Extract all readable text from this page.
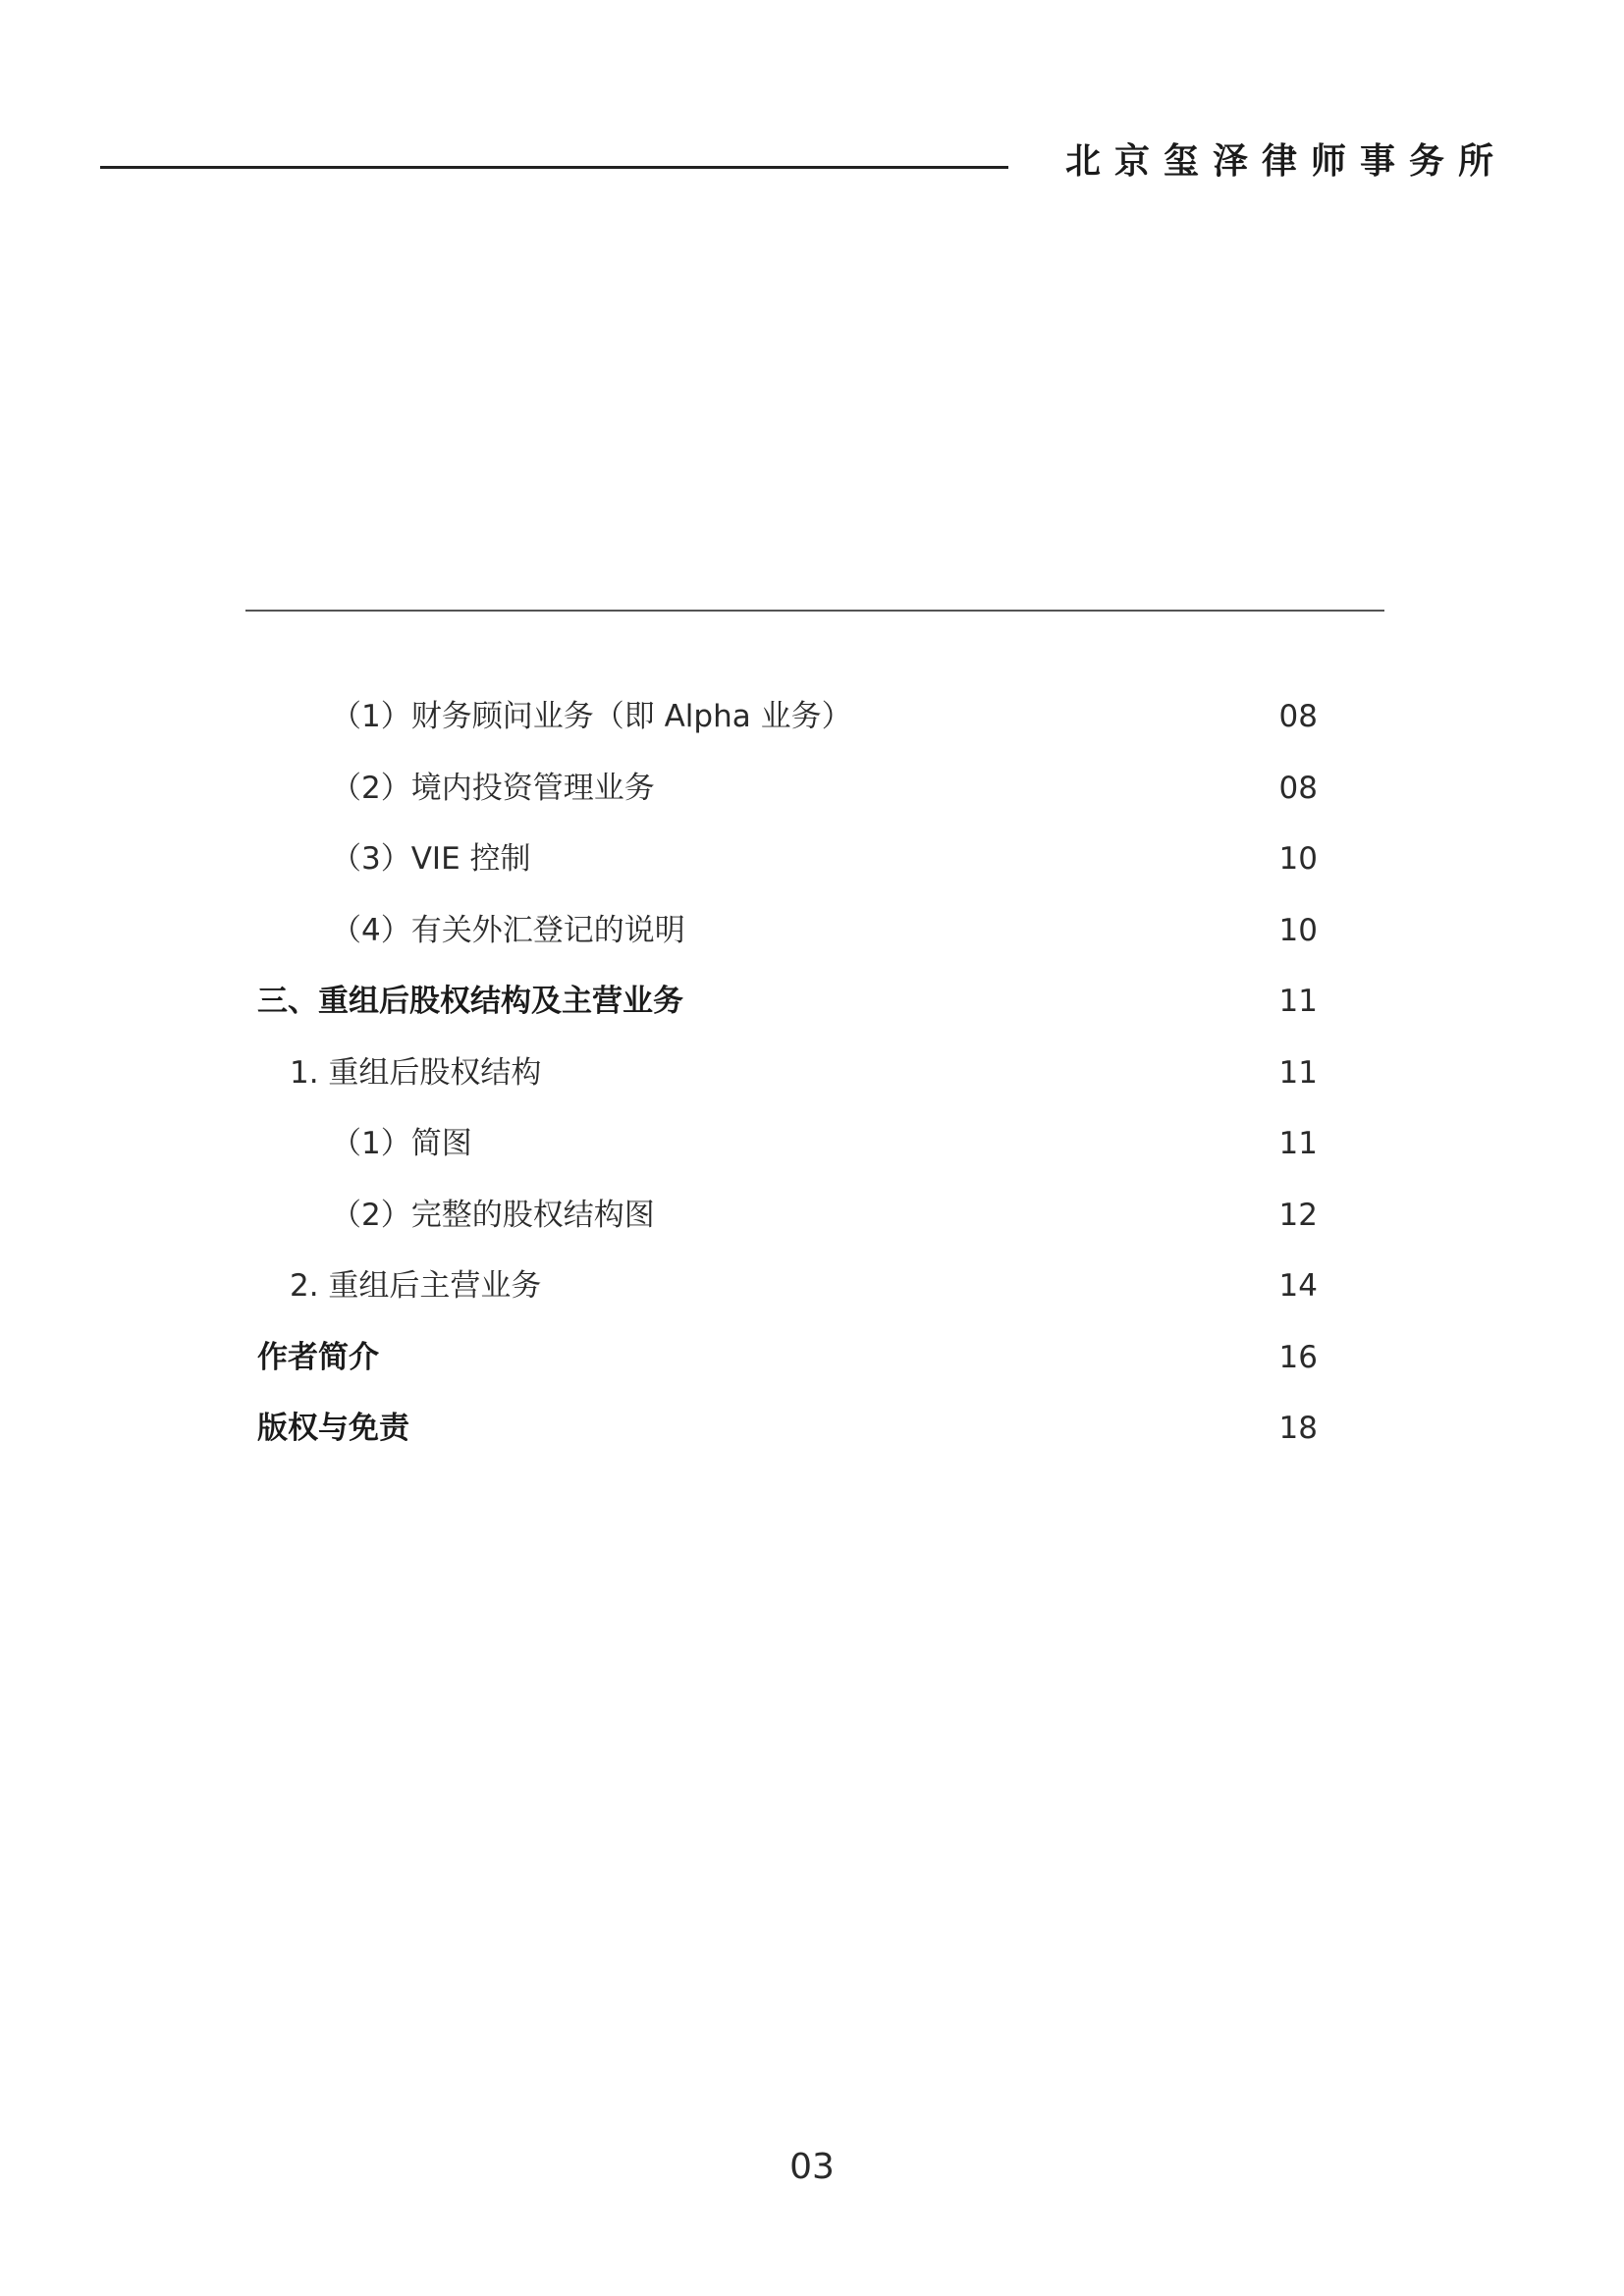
北京玺泽律师事务所
（1）财务顾问业务（即 Alpha 业务）	08
（2）境内投资管理业务	08
（3）VIE 控制	10
（4）有关外汇登记的说明	10
三、重组后股权结构及主营业务	11
1. 重组后股权结构	11
（1）简图	11
（2）完整的股权结构图	12
2. 重组后主营业务	14
作者简介	16
版权与免责	18
03
